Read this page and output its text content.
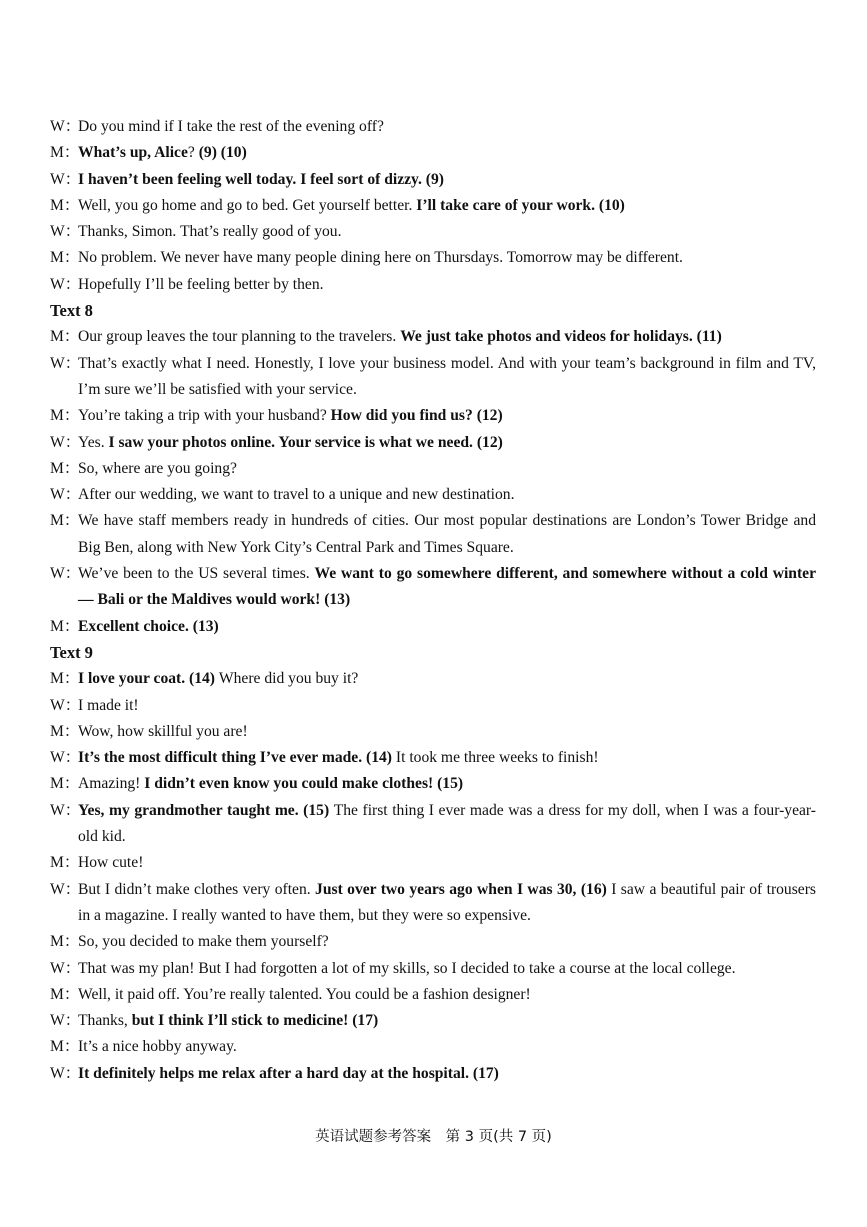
W：
Do you mind if I take the rest of the evening off?
M：
What’s up, Alice? (9) (10)
W：
I haven’t been feeling well today. I feel sort of dizzy. (9)
M：
Well, you go home and go to bed. Get yourself better. I’ll take care of your work. (10)
W：
Thanks, Simon. That’s really good of you.
M：
No problem. We never have many people dining here on Thursdays. Tomorrow may be different.
W：
Hopefully I’ll be feeling better by then.
Text 8
M：
Our group leaves the tour planning to the travelers. We just take photos and videos for holidays. (11)
W：
That’s exactly what I need. Honestly, I love your business model. And with your team’s background in film and TV, I’m sure we’ll be satisfied with your service.
M：
You’re taking a trip with your husband? How did you find us? (12)
W：
Yes. I saw your photos online. Your service is what we need. (12)
M：
So, where are you going?
W：
After our wedding, we want to travel to a unique and new destination.
M：
We have staff members ready in hundreds of cities. Our most popular destinations are London’s Tower Bridge and Big Ben, along with New York City’s Central Park and Times Square.
W：
We’ve been to the US several times. We want to go somewhere different, and somewhere without a cold winter — Bali or the Maldives would work! (13)
M：
Excellent choice. (13)
Text 9
M：
I love your coat. (14) Where did you buy it?
W：
I made it!
M：
Wow, how skillful you are!
W：
It’s the most difficult thing I’ve ever made. (14) It took me three weeks to finish!
M：
Amazing! I didn’t even know you could make clothes! (15)
W：
Yes, my grandmother taught me. (15) The first thing I ever made was a dress for my doll, when I was a four-year-old kid.
M：
How cute!
W：
But I didn’t make clothes very often. Just over two years ago when I was 30, (16) I saw a beautiful pair of trousers in a magazine. I really wanted to have them, but they were so expensive.
M：
So, you decided to make them yourself?
W：
That was my plan! But I had forgotten a lot of my skills, so I decided to take a course at the local college.
M：
Well, it paid off. You’re really talented. You could be a fashion designer!
W：
Thanks, but I think I’ll stick to medicine! (17)
M：
It’s a nice hobby anyway.
W：
It definitely helps me relax after a hard day at the hospital. (17)
英语试题参考答案　第 3 页(共 7 页)
